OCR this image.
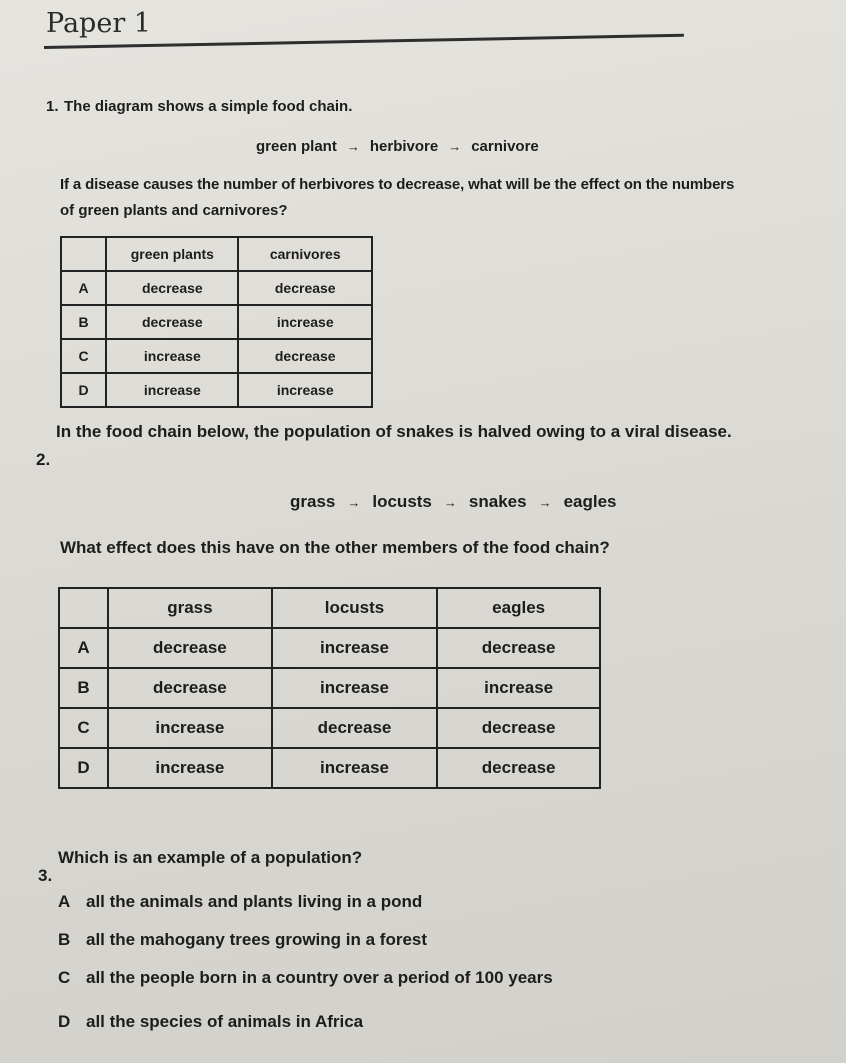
Paper 1
1. The diagram shows a simple food chain.
green plant → herbivore → carnivore
If a disease causes the number of herbivores to decrease, what will be the effect on the numbers
of green plants and carnivores?
	green plants	carnivores
A	decrease	decrease
B	decrease	increase
C	increase	decrease
D	increase	increase
2.
In the food chain below, the population of snakes is halved owing to a viral disease.
grass → locusts → snakes → eagles
What effect does this have on the other members of the food chain?
	grass	locusts	eagles
A	decrease	increase	decrease
B	decrease	increase	increase
C	increase	decrease	decrease
D	increase	increase	decrease
3.
Which is an example of a population?
A all the animals and plants living in a pond
B all the mahogany trees growing in a forest
C all the people born in a country over a period of 100 years
D all the species of animals in Africa
